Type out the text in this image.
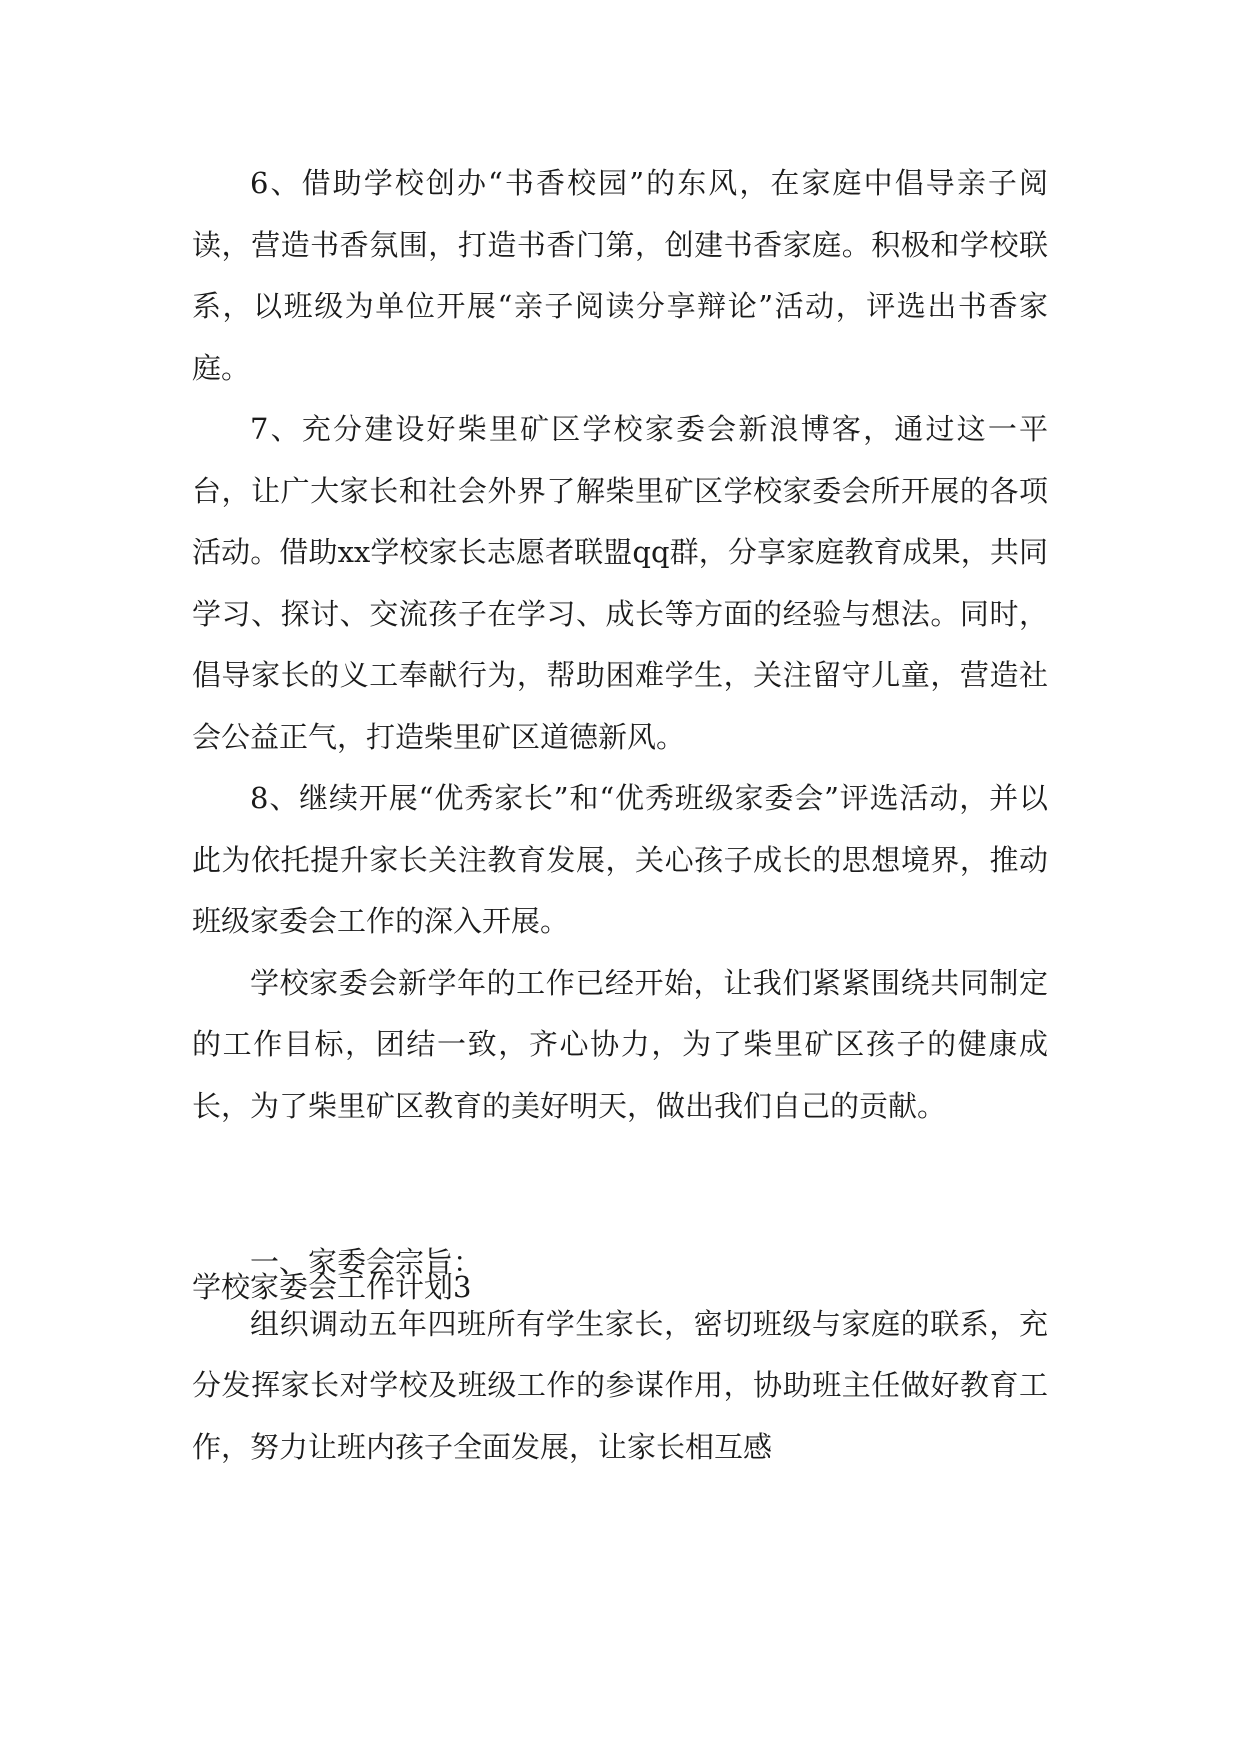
6、借助学校创办“书香校园”的东风，在家庭中倡导亲子阅读，营造书香氛围，打造书香门第，创建书香家庭。积极和学校联系，以班级为单位开展“亲子阅读分享辩论”活动，评选出书香家庭。

7、充分建设好柴里矿区学校家委会新浪博客，通过这一平台，让广大家长和社会外界了解柴里矿区学校家委会所开展的各项活动。借助xx学校家长志愿者联盟qq群，分享家庭教育成果，共同学习、探讨、交流孩子在学习、成长等方面的经验与想法。同时，倡导家长的义工奉献行为，帮助困难学生，关注留守儿童，营造社会公益正气，打造柴里矿区道德新风。

8、继续开展“优秀家长”和“优秀班级家委会”评选活动，并以此为依托提升家长关注教育发展，关心孩子成长的思想境界，推动班级家委会工作的深入开展。

学校家委会新学年的工作已经开始，让我们紧紧围绕共同制定的工作目标，团结一致，齐心协力，为了柴里矿区孩子的健康成长，为了柴里矿区教育的美好明天，做出我们自己的贡献。

学校家委会工作计划3

一、家委会宗旨：

组织调动五年四班所有学生家长，密切班级与家庭的联系，充分发挥家长对学校及班级工作的参谋作用，协助班主任做好教育工作，努力让班内孩子全面发展，让家长相互感
